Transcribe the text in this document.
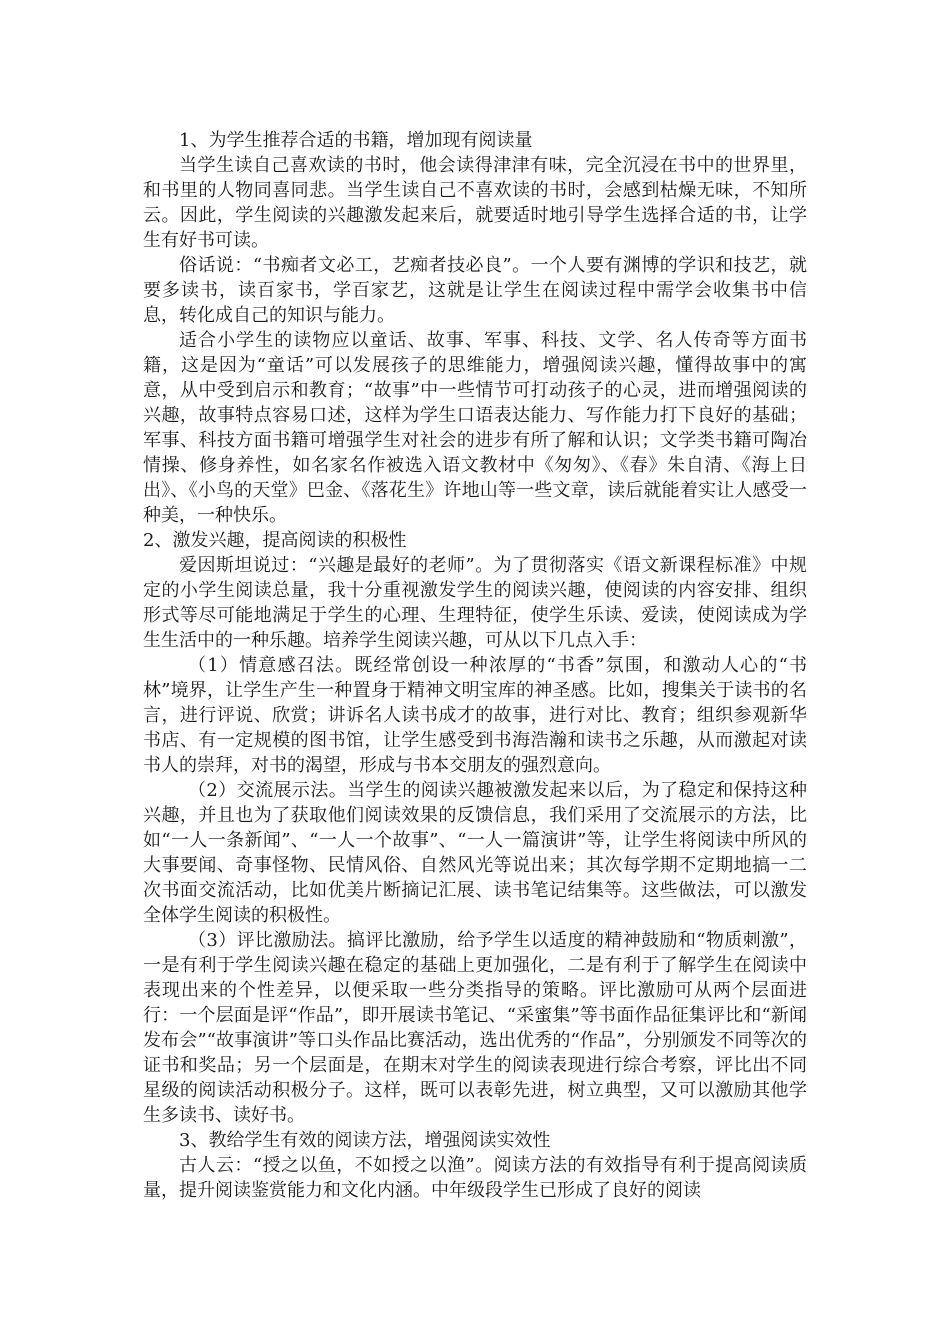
1、为学生推荐合适的书籍，增加现有阅读量

当学生读自己喜欢读的书时，他会读得津津有味，完全沉浸在书中的世界里，和书里的人物同喜同悲。当学生读自己不喜欢读的书时，会感到枯燥无味，不知所云。因此，学生阅读的兴趣激发起来后，就要适时地引导学生选择合适的书，让学生有好书可读。

俗话说：“书痴者文必工，艺痴者技必良”。一个人要有渊博的学识和技艺，就要多读书，读百家书，学百家艺，这就是让学生在阅读过程中需学会收集书中信息，转化成自己的知识与能力。

适合小学生的读物应以童话、故事、军事、科技、文学、名人传奇等方面书籍，这是因为“童话”可以发展孩子的思维能力，增强阅读兴趣，懂得故事中的寓意，从中受到启示和教育；“故事”中一些情节可打动孩子的心灵，进而增强阅读的兴趣，故事特点容易口述，这样为学生口语表达能力、写作能力打下良好的基础；军事、科技方面书籍可增强学生对社会的进步有所了解和认识；文学类书籍可陶冶情操、修身养性，如名家名作被选入语文教材中《匆匆》、《春》朱自清、《海上日出》、《小鸟的天堂》巴金、《落花生》许地山等一些文章，读后就能着实让人感受一种美，一种快乐。

2、激发兴趣，提高阅读的积极性

爱因斯坦说过：“兴趣是最好的老师”。为了贯彻落实《语文新课程标准》中规定的小学生阅读总量，我十分重视激发学生的阅读兴趣，使阅读的内容安排、组织形式等尽可能地满足于学生的心理、生理特征，使学生乐读、爱读，使阅读成为学生生活中的一种乐趣。培养学生阅读兴趣，可从以下几点入手：

（1）情意感召法。既经常创设一种浓厚的“书香”氛围，和激动人心的“书林”境界，让学生产生一种置身于精神文明宝库的神圣感。比如，搜集关于读书的名言，进行评说、欣赏；讲诉名人读书成才的故事，进行对比、教育；组织参观新华书店、有一定规模的图书馆，让学生感受到书海浩瀚和读书之乐趣，从而激起对读书人的崇拜，对书的渴望，形成与书本交朋友的强烈意向。

（2）交流展示法。当学生的阅读兴趣被激发起来以后，为了稳定和保持这种兴趣，并且也为了获取他们阅读效果的反馈信息，我们采用了交流展示的方法，比如“一人一条新闻”、“一人一个故事”、“一人一篇演讲”等，让学生将阅读中所风的大事要闻、奇事怪物、民情风俗、自然风光等说出来；其次每学期不定期地搞一二次书面交流活动，比如优美片断摘记汇展、读书笔记结集等。这些做法，可以激发全体学生阅读的积极性。

（3）评比激励法。搞评比激励，给予学生以适度的精神鼓励和“物质刺激”，一是有利于学生阅读兴趣在稳定的基础上更加强化，二是有利于了解学生在阅读中表现出来的个性差异，以便采取一些分类指导的策略。评比激励可从两个层面进行：一个层面是评“作品”，即开展读书笔记、“采蜜集”等书面作品征集评比和“新闻发布会”“故事演讲”等口头作品比赛活动，选出优秀的“作品”，分别颁发不同等次的证书和奖品；另一个层面是，在期末对学生的阅读表现进行综合考察，评比出不同星级的阅读活动积极分子。这样，既可以表彰先进，树立典型，又可以激励其他学生多读书、读好书。

3、教给学生有效的阅读方法，增强阅读实效性

古人云：“授之以鱼，不如授之以渔”。阅读方法的有效指导有利于提高阅读质量，提升阅读鉴赏能力和文化内涵。中年级段学生已形成了良好的阅读
